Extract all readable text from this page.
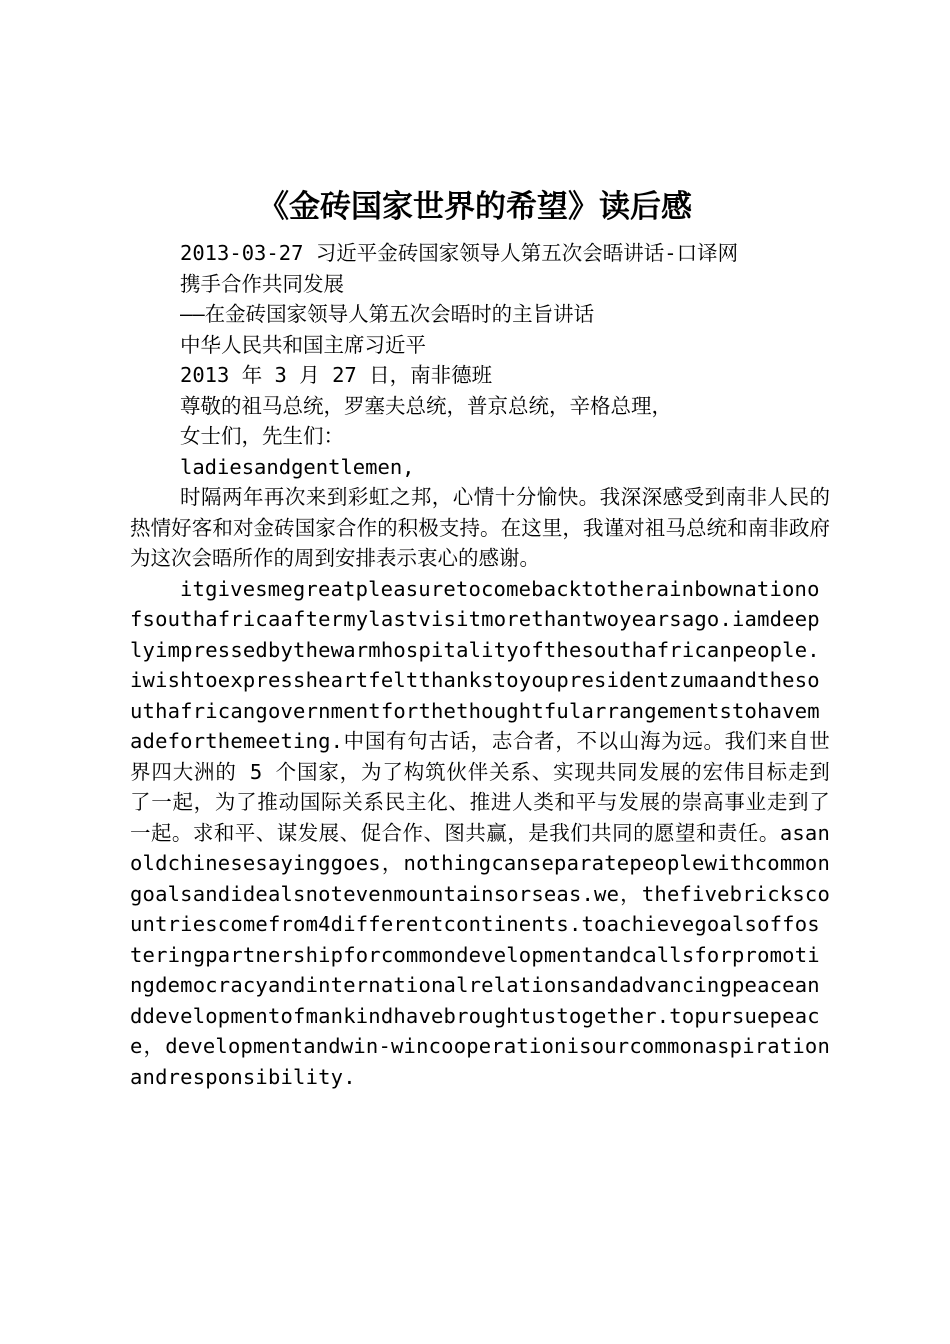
《金砖国家世界的希望》读后感

2013-03-27 习近平金砖国家领导人第五次会晤讲话-口译网

携手合作共同发展

——在金砖国家领导人第五次会晤时的主旨讲话

中华人民共和国主席习近平

2013 年 3 月 27 日，南非德班

尊敬的祖马总统，罗塞夫总统，普京总统，辛格总理，

女士们，先生们：

ladiesandgentlemen,

时隔两年再次来到彩虹之邦，心情十分愉快。我深深感受到南非人民的热情好客和对金砖国家合作的积极支持。在这里，我谨对祖马总统和南非政府为这次会晤所作的周到安排表示衷心的感谢。

itgivesmegreatpleasuretocomebacktotherainbownationofsouthafricaaftermylastvisitmorethantwoyearsago.iamdeeplyimpressedbythewarmhospitalityofthesouthafricanpeople.iwishtoexpressheartfeltthankstoyoupresidentzumaandthesouthafricangovernmentforthethoughtfularrangementstohavemadeforthemeeting.中国有句古话，志合者，不以山海为远。我们来自世界四大洲的 5 个国家，为了构筑伙伴关系、实现共同发展的宏伟目标走到了一起，为了推动国际关系民主化、推进人类和平与发展的崇高事业走到了一起。求和平、谋发展、促合作、图共赢，是我们共同的愿望和责任。asanoldchinesesayinggoes，nothingcanseparatepeoplewithcommongoalsandidealsnotevenmountainsorseas.we，thefivebrickscountriescomefrom4differentcontinents.toachievegoalsoffosteringpartnershipforcommondevelopmentandcallsforpromotingdemocracyandinternationalrelationsandadvancingpeaceanddevelopmentofmankindhavebroughtustogether.topursuepeace，developmentandwin-wincooperationisourcommonaspirationandresponsibility.
